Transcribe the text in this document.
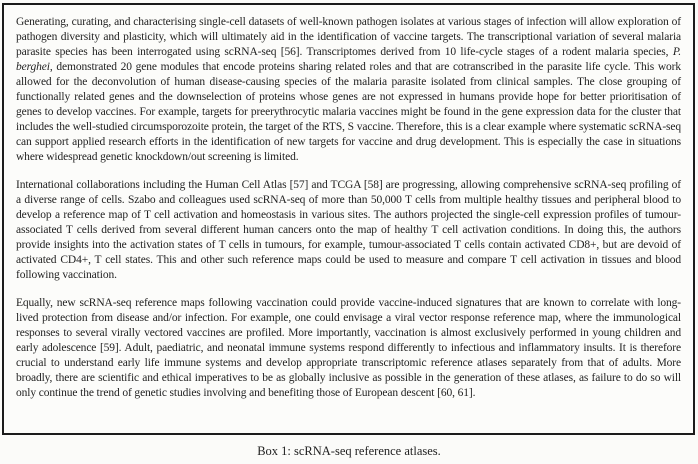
Generating, curating, and characterising single-cell datasets of well-known pathogen isolates at various stages of infection will allow exploration of pathogen diversity and plasticity, which will ultimately aid in the identification of vaccine targets. The transcriptional variation of several malaria parasite species has been interrogated using scRNA-seq [56]. Transcriptomes derived from 10 life-cycle stages of a rodent malaria species, P. berghei, demonstrated 20 gene modules that encode proteins sharing related roles and that are cotranscribed in the parasite life cycle. This work allowed for the deconvolution of human disease-causing species of the malaria parasite isolated from clinical samples. The close grouping of functionally related genes and the downselection of proteins whose genes are not expressed in humans provide hope for better prioritisation of genes to develop vaccines. For example, targets for preerythrocytic malaria vaccines might be found in the gene expression data for the cluster that includes the well-studied circumsporozoite protein, the target of the RTS, S vaccine. Therefore, this is a clear example where systematic scRNA-seq can support applied research efforts in the identification of new targets for vaccine and drug development. This is especially the case in situations where widespread genetic knockdown/out screening is limited.

International collaborations including the Human Cell Atlas [57] and TCGA [58] are progressing, allowing comprehensive scRNA-seq profiling of a diverse range of cells. Szabo and colleagues used scRNA-seq of more than 50,000 T cells from multiple healthy tissues and peripheral blood to develop a reference map of T cell activation and homeostasis in various sites. The authors projected the single-cell expression profiles of tumour-associated T cells derived from several different human cancers onto the map of healthy T cell activation conditions. In doing this, the authors provide insights into the activation states of T cells in tumours, for example, tumour-associated T cells contain activated CD8+, but are devoid of activated CD4+, T cell states. This and other such reference maps could be used to measure and compare T cell activation in tissues and blood following vaccination.

Equally, new scRNA-seq reference maps following vaccination could provide vaccine-induced signatures that are known to correlate with long-lived protection from disease and/or infection. For example, one could envisage a viral vector response reference map, where the immunological responses to several virally vectored vaccines are profiled. More importantly, vaccination is almost exclusively performed in young children and early adolescence [59]. Adult, paediatric, and neonatal immune systems respond differently to infectious and inflammatory insults. It is therefore crucial to understand early life immune systems and develop appropriate transcriptomic reference atlases separately from that of adults. More broadly, there are scientific and ethical imperatives to be as globally inclusive as possible in the generation of these atlases, as failure to do so will only continue the trend of genetic studies involving and benefiting those of European descent [60, 61].

Box 1: scRNA-seq reference atlases.
